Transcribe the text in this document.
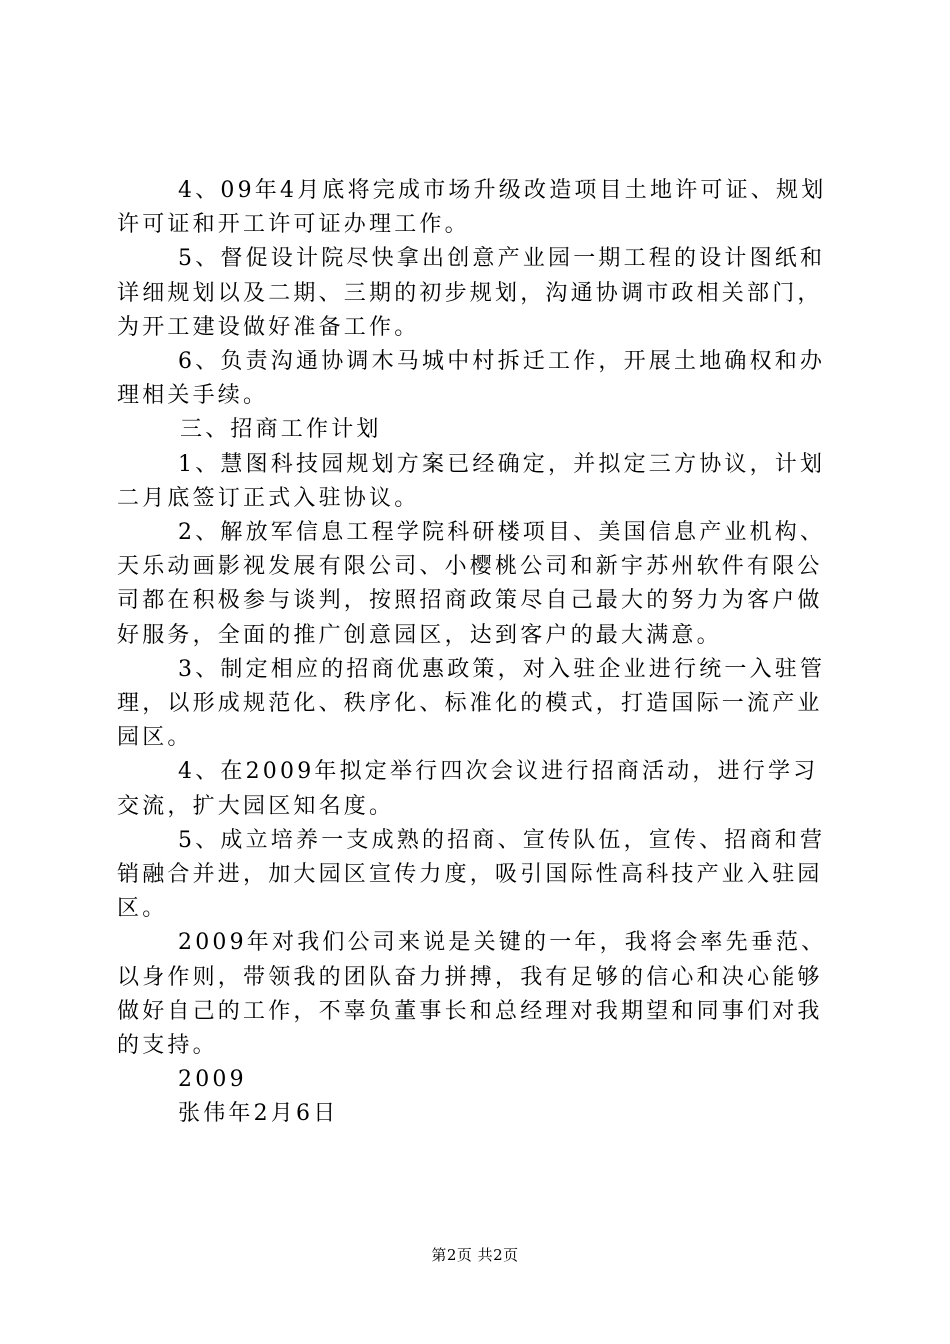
4、09年4月底将完成市场升级改造项目土地许可证、规划许可证和开工许可证办理工作。

5、督促设计院尽快拿出创意产业园一期工程的设计图纸和详细规划以及二期、三期的初步规划，沟通协调市政相关部门，为开工建设做好准备工作。

6、负责沟通协调木马城中村拆迁工作，开展土地确权和办理相关手续。

三、招商工作计划

1、慧图科技园规划方案已经确定，并拟定三方协议，计划二月底签订正式入驻协议。

2、解放军信息工程学院科研楼项目、美国信息产业机构、天乐动画影视发展有限公司、小樱桃公司和新宇苏州软件有限公司都在积极参与谈判，按照招商政策尽自己最大的努力为客户做好服务，全面的推广创意园区，达到客户的最大满意。

3、制定相应的招商优惠政策，对入驻企业进行统一入驻管理，以形成规范化、秩序化、标准化的模式，打造国际一流产业园区。

4、在2009年拟定举行四次会议进行招商活动，进行学习交流，扩大园区知名度。

5、成立培养一支成熟的招商、宣传队伍，宣传、招商和营销融合并进，加大园区宣传力度，吸引国际性高科技产业入驻园区。

2009年对我们公司来说是关键的一年，我将会率先垂范、以身作则，带领我的团队奋力拼搏，我有足够的信心和决心能够做好自己的工作，不辜负董事长和总经理对我期望和同事们对我的支持。

2009

张伟年2月6日

第2页 共2页
